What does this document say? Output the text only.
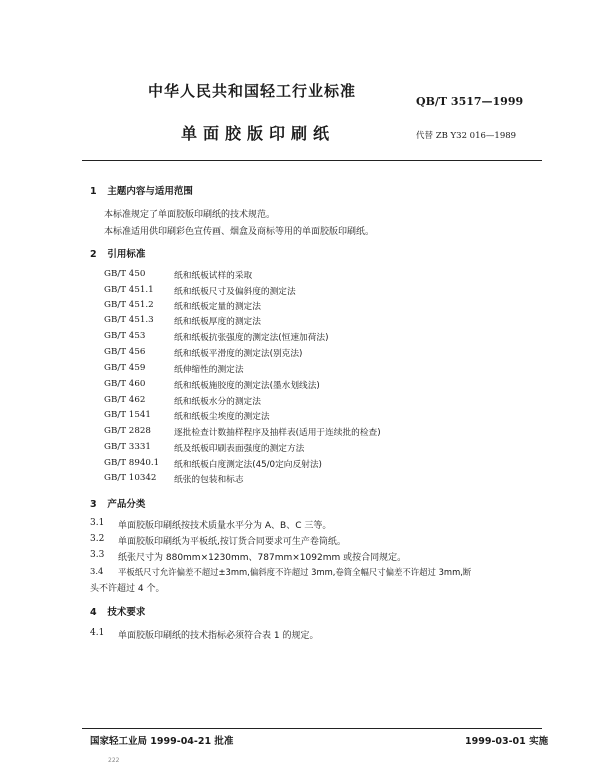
中华人民共和国轻工行业标准
QB/T 3517—1999
单面胶版印刷纸	代替 ZB Y32 016—1989
1 主题内容与适用范围
本标准规定了单面胶版印刷纸的技术规范。
本标准适用供印刷彩色宣传画、烟盒及商标等用的单面胶版印刷纸。
2 引用标准
GB/T 450	纸和纸板试样的采取
GB/T 451.1	纸和纸板尺寸及偏斜度的测定法
GB/T 451.2	纸和纸板定量的测定法
GB/T 451.3	纸和纸板厚度的测定法
GB/T 453	纸和纸板抗张强度的测定法(恒速加荷法)
GB/T 456	纸和纸板平滑度的测定法(别克法)
GB/T 459	纸伸缩性的测定法
GB/T 460	纸和纸板施胶度的测定法(墨水划线法)
GB/T 462	纸和纸板水分的测定法
GB/T 1541	纸和纸板尘埃度的测定法
GB/T 2828	逐批检查计数抽样程序及抽样表(适用于连续批的检查)
GB/T 3331	纸及纸板印刷表面强度的测定方法
GB/T 8940.1	纸和纸板白度测定法(45/0定向反射法)
GB/T 10342	纸张的包装和标志
3 产品分类
3.1	单面胶版印刷纸按技术质量水平分为 A、B、C 三等。
3.2	单面胶版印刷纸为平板纸,按订货合同要求可生产卷筒纸。
3.3	纸张尺寸为 880mm×1230mm、787mm×1092mm 或按合同规定。
3.4	平板纸尺寸允许偏差不超过±3mm,偏斜度不许超过 3mm,卷筒全幅尺寸偏差不许超过 3mm,断
头不许超过 4 个。
4 技术要求
4.1	单面胶版印刷纸的技术指标必须符合表 1 的规定。
国家轻工业局 1999-04-21 批准	1999-03-01 实施
222
